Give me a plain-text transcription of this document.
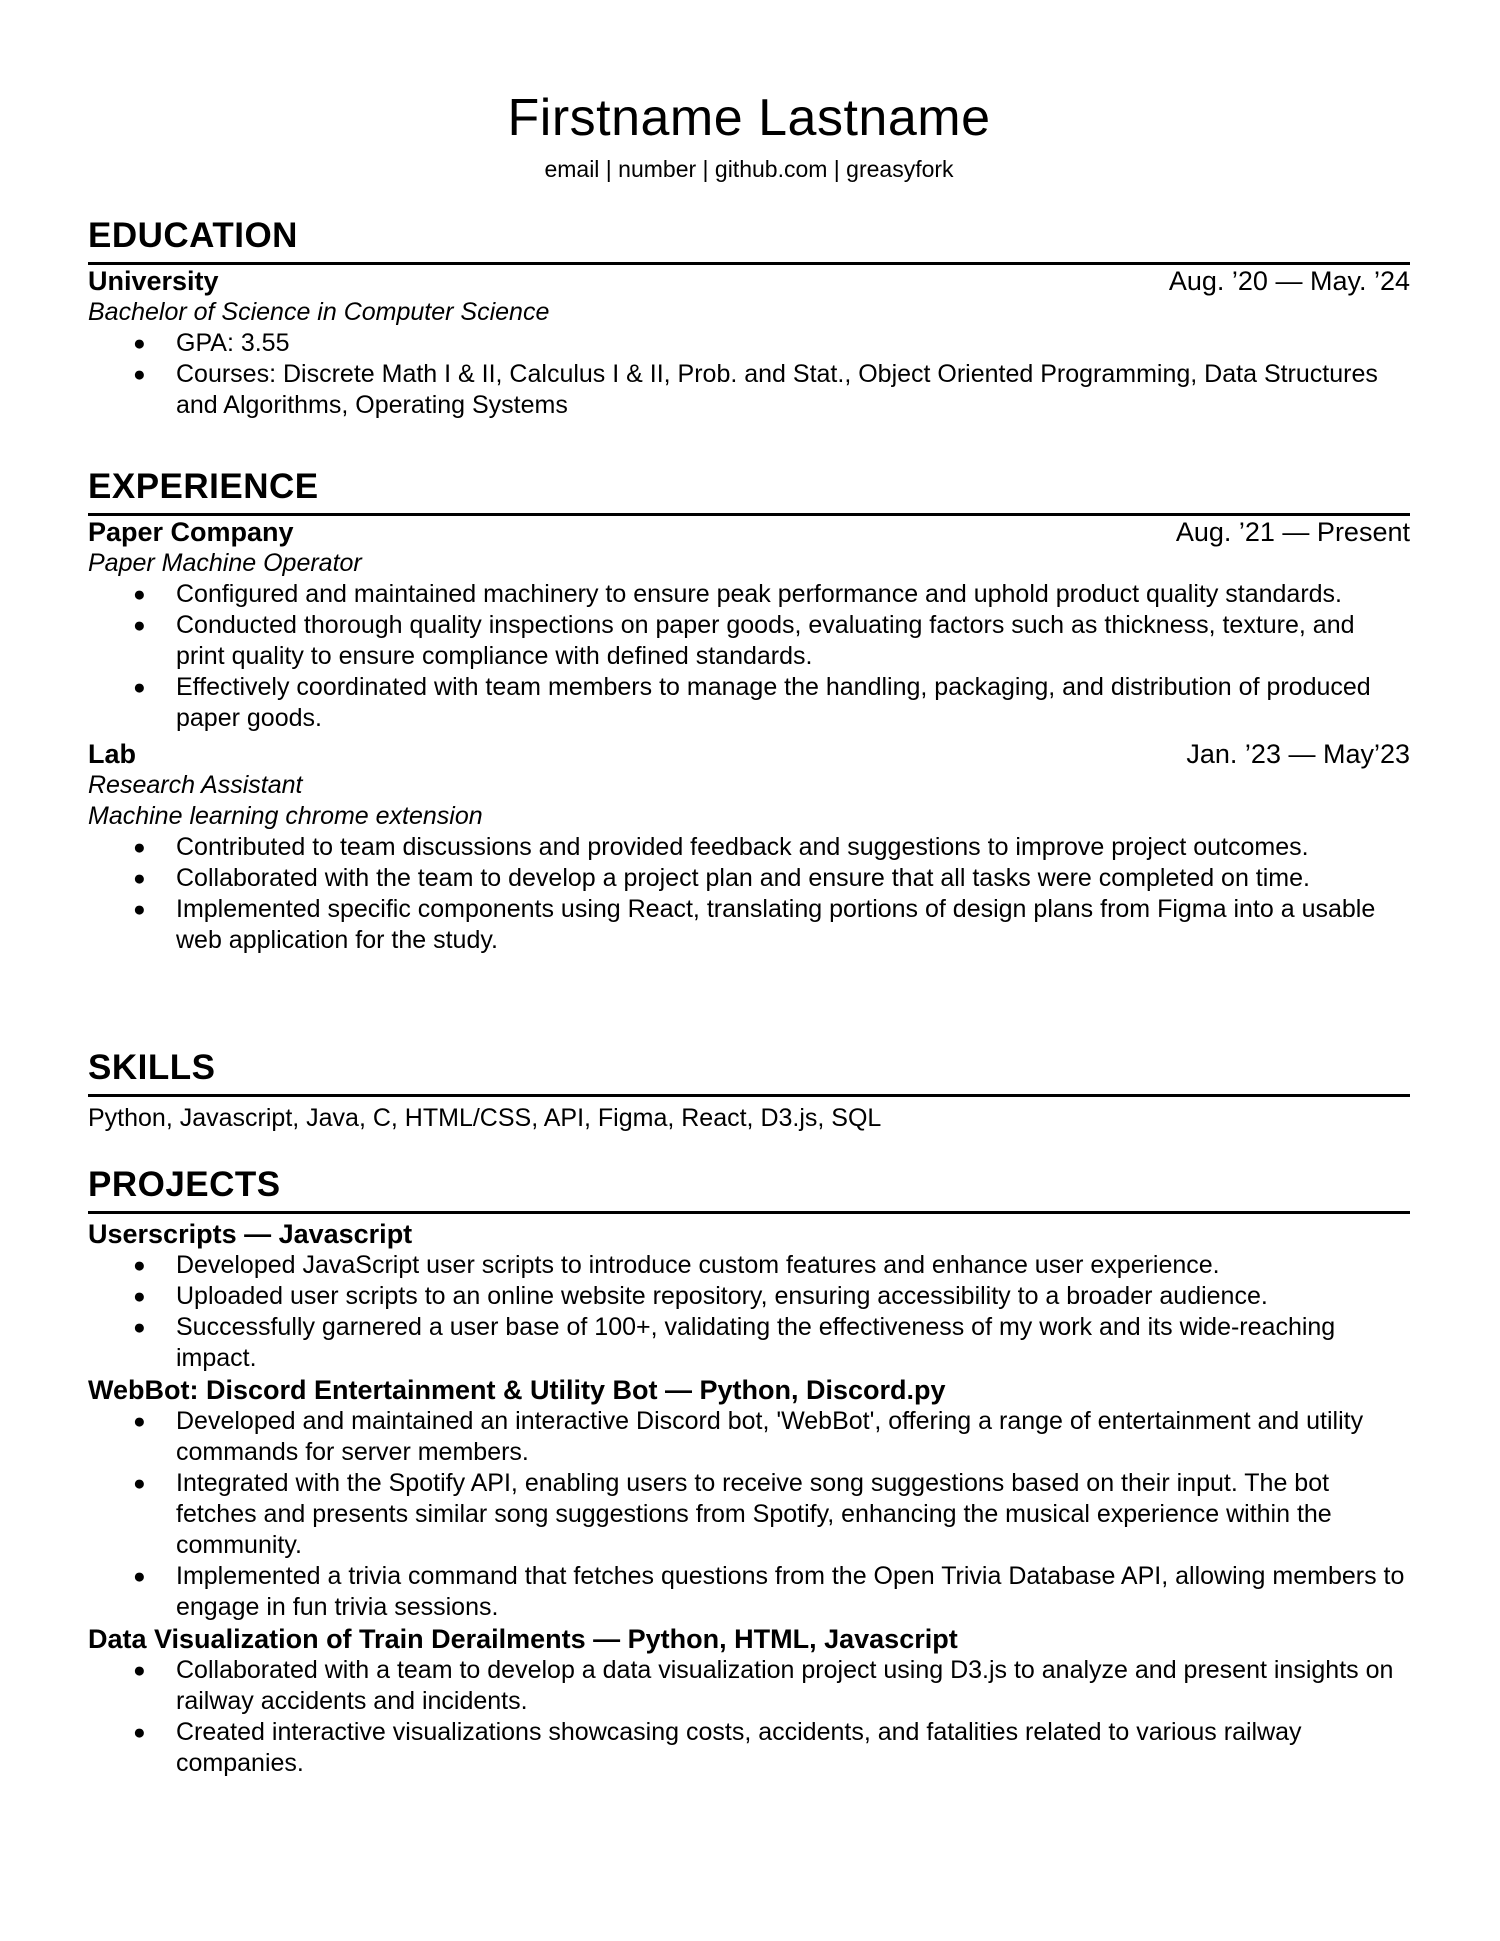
Firstname Lastname
email | number | github.com | greasyfork
EDUCATION
University	Aug. ’20 — May. ’24
Bachelor of Science in Computer Science
● GPA: 3.55
● Courses: Discrete Math I & II, Calculus I & II, Prob. and Stat., Object Oriented Programming, Data Structures and Algorithms, Operating Systems
EXPERIENCE
Paper Company	Aug. ’21 — Present
Paper Machine Operator
● Configured and maintained machinery to ensure peak performance and uphold product quality standards.
● Conducted thorough quality inspections on paper goods, evaluating factors such as thickness, texture, and print quality to ensure compliance with defined standards.
● Effectively coordinated with team members to manage the handling, packaging, and distribution of produced paper goods.
Lab	Jan. ’23 — May’23
Research Assistant
Machine learning chrome extension
● Contributed to team discussions and provided feedback and suggestions to improve project outcomes.
● Collaborated with the team to develop a project plan and ensure that all tasks were completed on time.
● Implemented specific components using React, translating portions of design plans from Figma into a usable web application for the study.
SKILLS
Python, Javascript, Java, C, HTML/CSS, API, Figma, React, D3.js, SQL
PROJECTS
Userscripts — Javascript
● Developed JavaScript user scripts to introduce custom features and enhance user experience.
● Uploaded user scripts to an online website repository, ensuring accessibility to a broader audience.
● Successfully garnered a user base of 100+, validating the effectiveness of my work and its wide-reaching impact.
WebBot: Discord Entertainment & Utility Bot — Python, Discord.py
● Developed and maintained an interactive Discord bot, 'WebBot', offering a range of entertainment and utility commands for server members.
● Integrated with the Spotify API, enabling users to receive song suggestions based on their input. The bot fetches and presents similar song suggestions from Spotify, enhancing the musical experience within the community.
● Implemented a trivia command that fetches questions from the Open Trivia Database API, allowing members to engage in fun trivia sessions.
Data Visualization of Train Derailments — Python, HTML, Javascript
● Collaborated with a team to develop a data visualization project using D3.js to analyze and present insights on railway accidents and incidents.
● Created interactive visualizations showcasing costs, accidents, and fatalities related to various railway companies.
